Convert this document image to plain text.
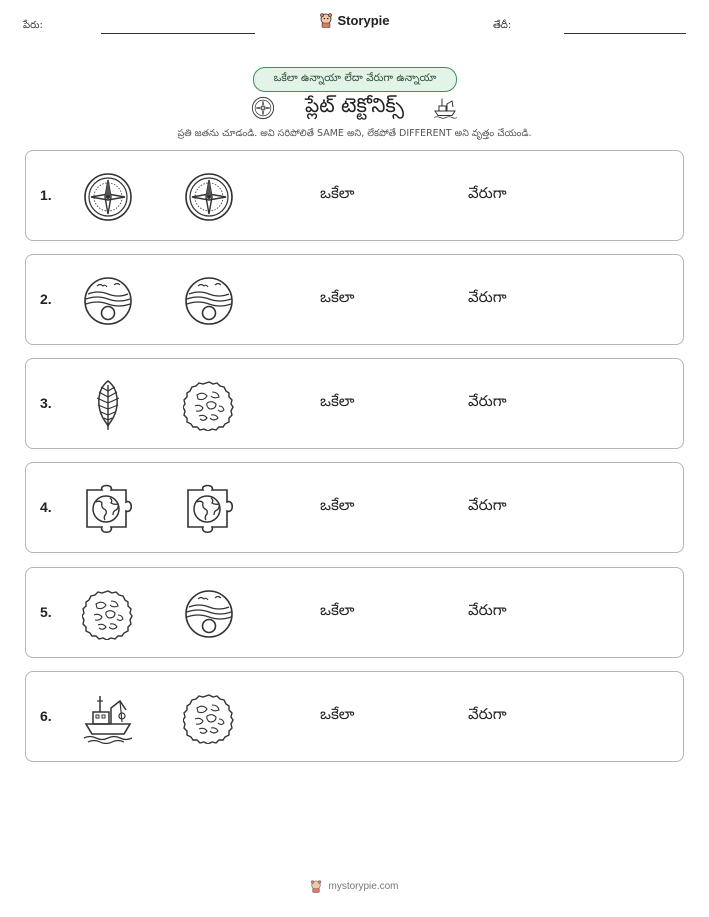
పేరు:	Storypie	తేదీ:
ఒకేలా ఉన్నాయా లేదా వేరుగా ఉన్నాయా
ప్లేట్ టెక్టోనిక్స్
ప్రతి జతను చూడండి. అవి సరిపోలితే SAME అని, లేకపోతే DIFFERENT అని వృత్తం చేయండి.
1.	ఒకేలా	వేరుగా
2.	ఒకేలా	వేరుగా
3.	ఒకేలా	వేరుగా
4.	ఒకేలా	వేరుగా
5.	ఒకేలా	వేరుగా
6.	ఒకేలా	వేరుగా
mystorypie.com
